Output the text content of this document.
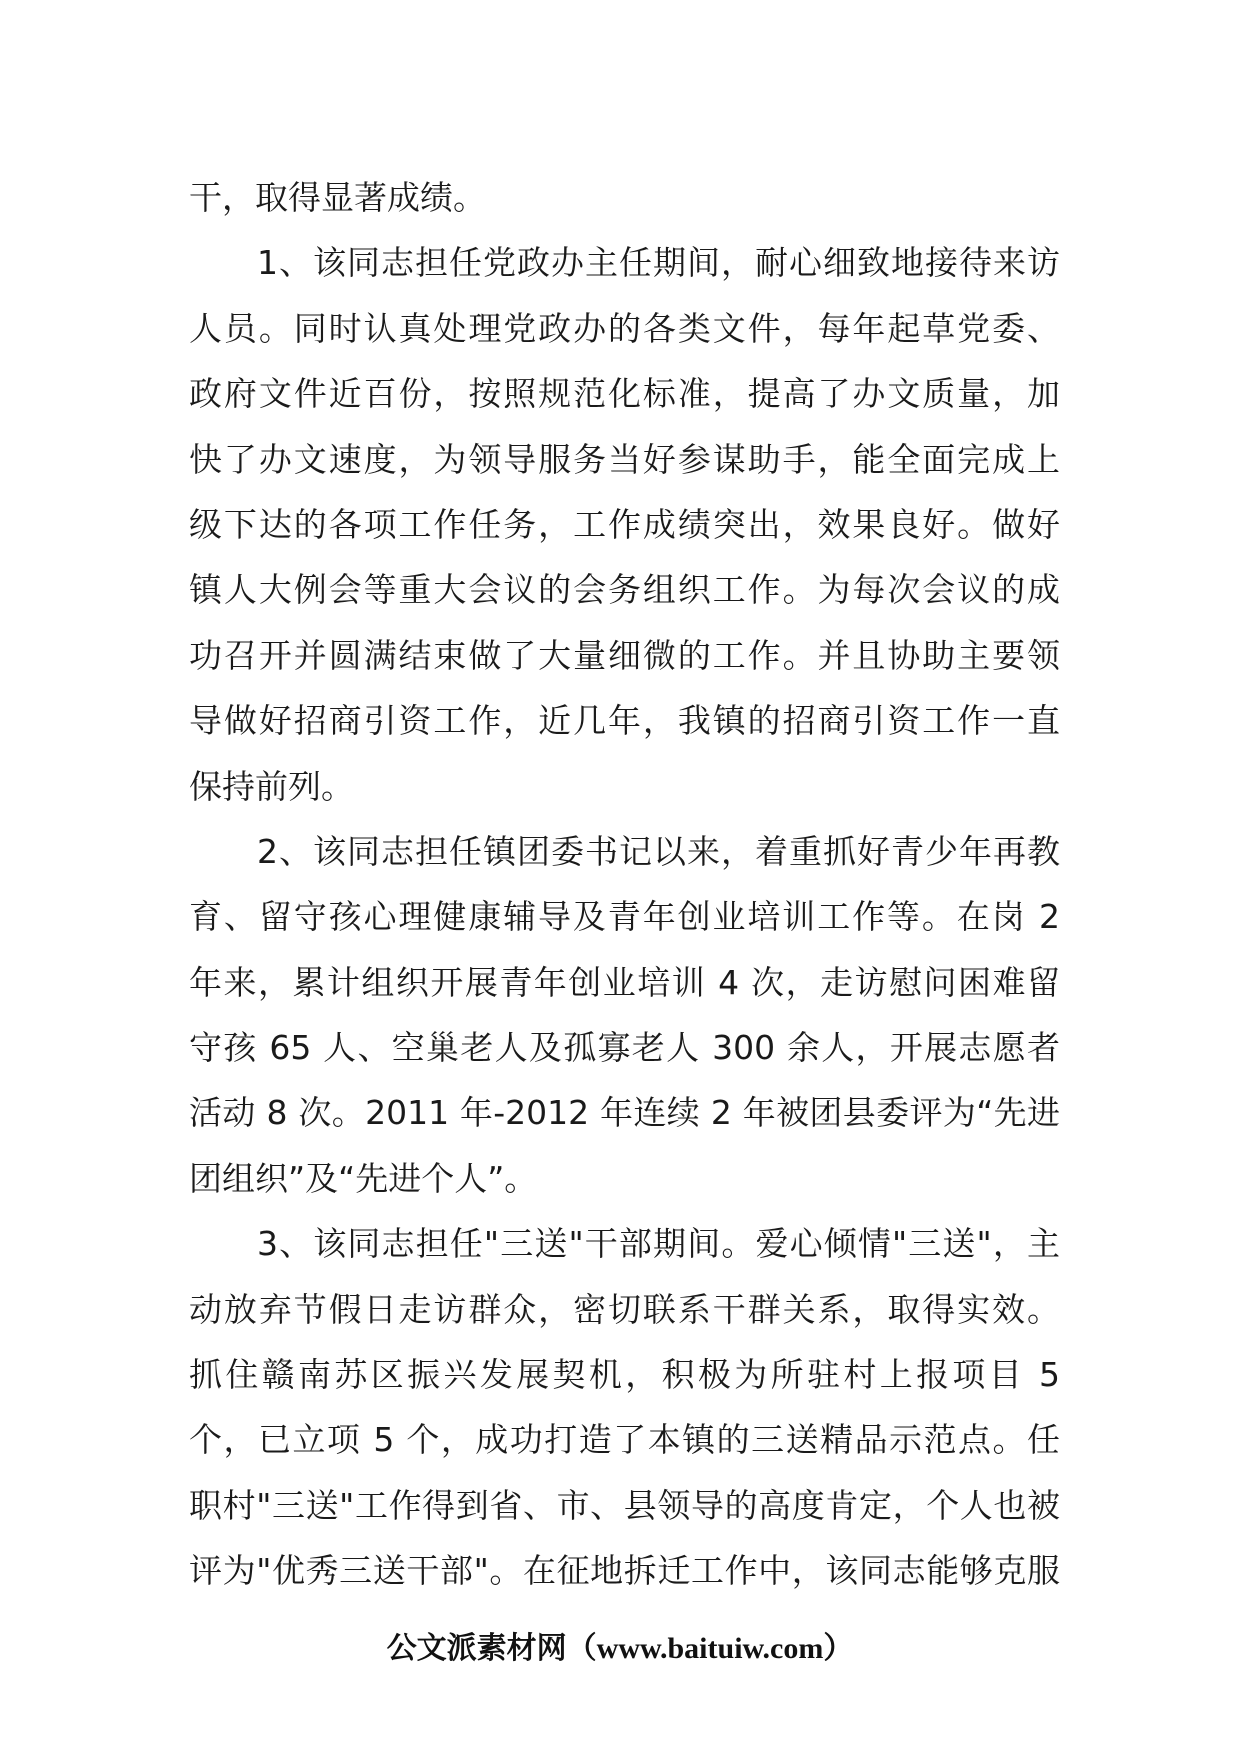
干，取得显著成绩。
1、该同志担任党政办主任期间，耐心细致地接待来访
人员。同时认真处理党政办的各类文件，每年起草党委、
政府文件近百份，按照规范化标准，提高了办文质量，加
快了办文速度，为领导服务当好参谋助手，能全面完成上
级下达的各项工作任务，工作成绩突出，效果良好。做好
镇人大例会等重大会议的会务组织工作。为每次会议的成
功召开并圆满结束做了大量细微的工作。并且协助主要领
导做好招商引资工作，近几年，我镇的招商引资工作一直
保持前列。
2、该同志担任镇团委书记以来，着重抓好青少年再教
育、留守孩心理健康辅导及青年创业培训工作等。在岗 2
年来，累计组织开展青年创业培训 4 次，走访慰问困难留
守孩 65 人、空巢老人及孤寡老人 300 余人，开展志愿者
活动 8 次。2011 年-2012 年连续 2 年被团县委评为“先进
团组织”及“先进个人”。
3、该同志担任"三送"干部期间。爱心倾情"三送"，主
动放弃节假日走访群众，密切联系干群关系，取得实效。
抓住赣南苏区振兴发展契机，积极为所驻村上报项目 5
个，已立项 5 个，成功打造了本镇的三送精品示范点。任
职村"三送"工作得到省、市、县领导的高度肯定，个人也被
评为"优秀三送干部"。在征地拆迁工作中，该同志能够克服
公文派素材网（www.baituiw.com）
